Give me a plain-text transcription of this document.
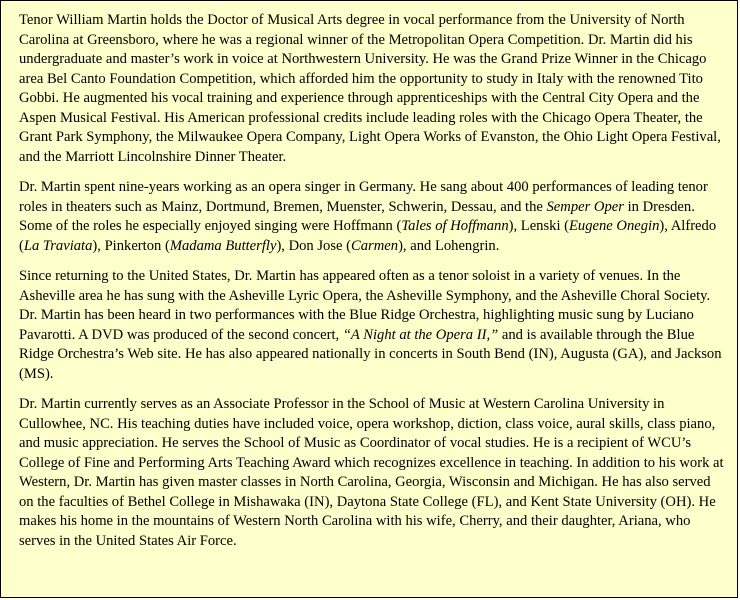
Tenor William Martin holds the Doctor of Musical Arts degree in vocal performance from the University of North Carolina at Greensboro, where he was a regional winner of the Metropolitan Opera Competition. Dr. Martin did his undergraduate and master’s work in voice at Northwestern University. He was the Grand Prize Winner in the Chicago area Bel Canto Foundation Competition, which afforded him the opportunity to study in Italy with the renowned Tito Gobbi. He augmented his vocal training and experience through apprenticeships with the Central City Opera and the Aspen Musical Festival. His American professional credits include leading roles with the Chicago Opera Theater, the Grant Park Symphony, the Milwaukee Opera Company, Light Opera Works of Evanston, the Ohio Light Opera Festival, and the Marriott Lincolnshire Dinner Theater.

Dr. Martin spent nine-years working as an opera singer in Germany. He sang about 400 performances of leading tenor roles in theaters such as Mainz, Dortmund, Bremen, Muenster, Schwerin, Dessau, and the Semper Oper in Dresden. Some of the roles he especially enjoyed singing were Hoffmann (Tales of Hoffmann), Lenski (Eugene Onegin), Alfredo (La Traviata), Pinkerton (Madama Butterfly), Don Jose (Carmen), and Lohengrin.

Since returning to the United States, Dr. Martin has appeared often as a tenor soloist in a variety of venues. In the Asheville area he has sung with the Asheville Lyric Opera, the Asheville Symphony, and the Asheville Choral Society. Dr. Martin has been heard in two performances with the Blue Ridge Orchestra, highlighting music sung by Luciano Pavarotti. A DVD was produced of the second concert, “A Night at the Opera II,” and is available through the Blue Ridge Orchestra’s Web site. He has also appeared nationally in concerts in South Bend (IN), Augusta (GA), and Jackson (MS).

Dr. Martin currently serves as an Associate Professor in the School of Music at Western Carolina University in Cullowhee, NC. His teaching duties have included voice, opera workshop, diction, class voice, aural skills, class piano, and music appreciation. He serves the School of Music as Coordinator of vocal studies. He is a recipient of WCU’s College of Fine and Performing Arts Teaching Award which recognizes excellence in teaching. In addition to his work at Western, Dr. Martin has given master classes in North Carolina, Georgia, Wisconsin and Michigan. He has also served on the faculties of Bethel College in Mishawaka (IN), Daytona State College (FL), and Kent State University (OH). He makes his home in the mountains of Western North Carolina with his wife, Cherry, and their daughter, Ariana, who serves in the United States Air Force.
